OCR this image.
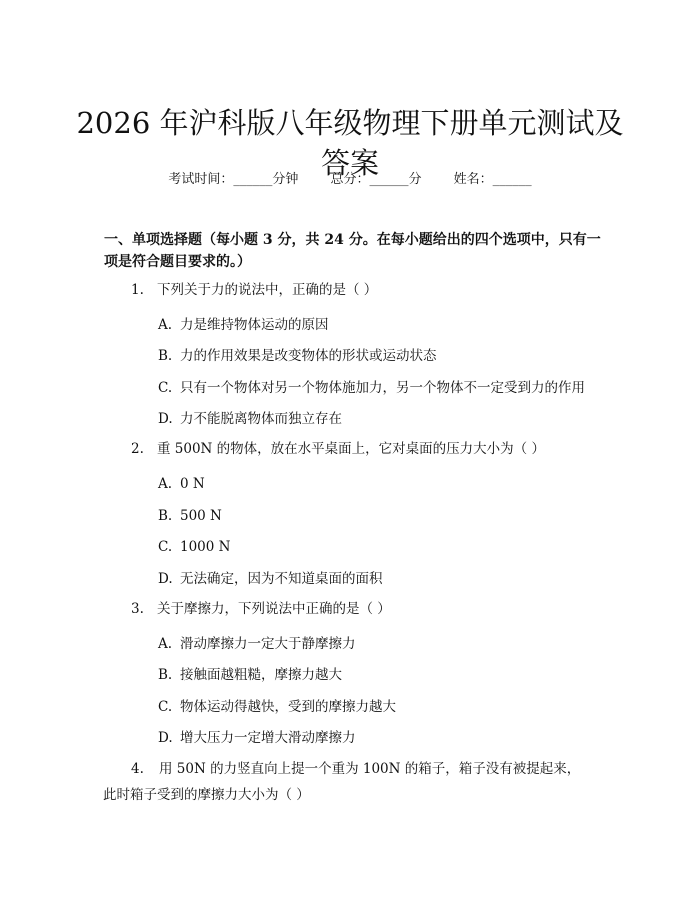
2026 年沪科版八年级物理下册单元测试及答案
考试时间：______分钟 总分：______分 姓名：______
一、单项选择题（每小题 3 分，共 24 分。在每小题给出的四个选项中，只有一项是符合题目要求的。）
1. 下列关于力的说法中，正确的是（ ）
A. 力是维持物体运动的原因
B. 力的作用效果是改变物体的形状或运动状态
C. 只有一个物体对另一个物体施加力，另一个物体不一定受到力的作用
D. 力不能脱离物体而独立存在
2. 重 500N 的物体，放在水平桌面上，它对桌面的压力大小为（ ）
A. 0 N
B. 500 N
C. 1000 N
D. 无法确定，因为不知道桌面的面积
3. 关于摩擦力，下列说法中正确的是（ ）
A. 滑动摩擦力一定大于静摩擦力
B. 接触面越粗糙，摩擦力越大
C. 物体运动得越快，受到的摩擦力越大
D. 增大压力一定增大滑动摩擦力
4. 用 50N 的力竖直向上提一个重为 100N 的箱子，箱子没有被提起来，此时箱子受到的摩擦力大小为（ ）
